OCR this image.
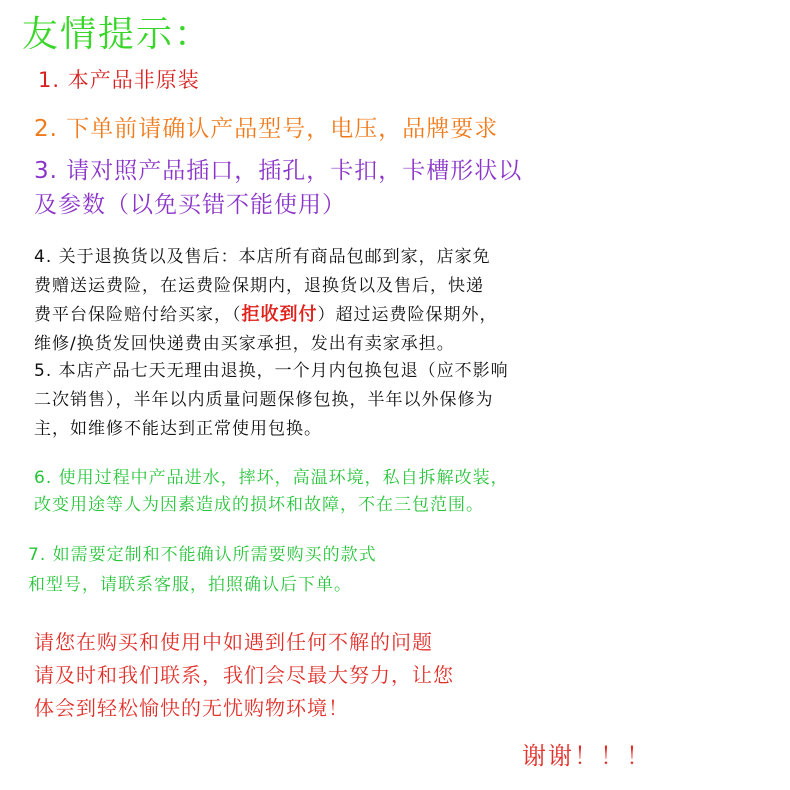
友情提示：
1. 本产品非原装
2. 下单前请确认产品型号，电压，品牌要求
3. 请对照产品插口，插孔，卡扣，卡槽形状以
及参数（以免买错不能使用）
4. 关于退换货以及售后：本店所有商品包邮到家，店家免
费赠送运费险，在运费险保期内，退换货以及售后，快递
费平台保险赔付给买家，（拒收到付）超过运费险保期外，
维修/换货发回快递费由买家承担，发出有卖家承担。
5. 本店产品七天无理由退换，一个月内包换包退（应不影响
二次销售），半年以内质量问题保修包换，半年以外保修为
主，如维修不能达到正常使用包换。
6. 使用过程中产品进水，摔坏，高温环境，私自拆解改装，
改变用途等人为因素造成的损坏和故障，不在三包范围。
7. 如需要定制和不能确认所需要购买的款式
和型号，请联系客服，拍照确认后下单。
请您在购买和使用中如遇到任何不解的问题
请及时和我们联系，我们会尽最大努力，让您
体会到轻松愉快的无忧购物环境！
谢谢！！！
